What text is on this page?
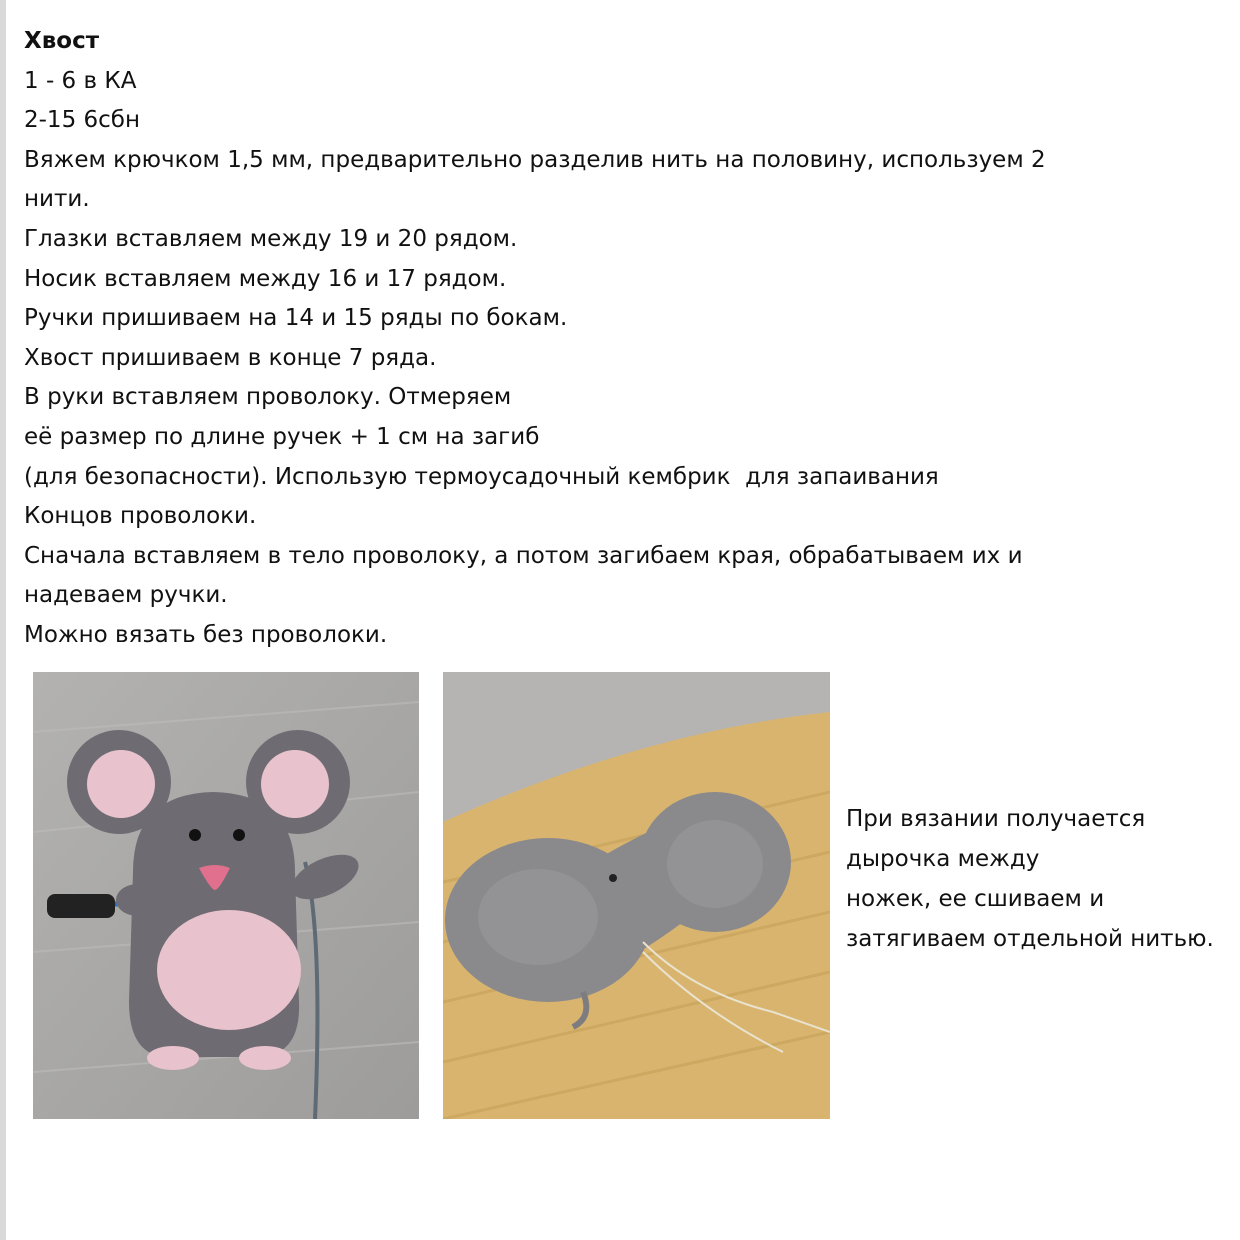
Хвост
1 - 6 в КА
2-15 6сбн
Вяжем крючком 1,5 мм, предварительно разделив нить на половину, используем 2
нити.
Глазки вставляем между 19 и 20 рядом.
Носик вставляем между 16 и 17 рядом.
Ручки пришиваем на 14 и 15 ряды по бокам.
Хвост пришиваем в конце 7 ряда.
В руки вставляем проволоку. Отмеряем
её размер по длине ручек + 1 см на загиб
(для безопасности). Использую термоусадочный кембрик  для запаивания
Концов проволоки.
Сначала вставляем в тело проволоку, а потом загибаем края, обрабатываем их и
надеваем ручки.
Можно вязать без проволоки.
При вязании получается
дырочка между
ножек, ее сшиваем и
затягиваем отдельной нитью.
